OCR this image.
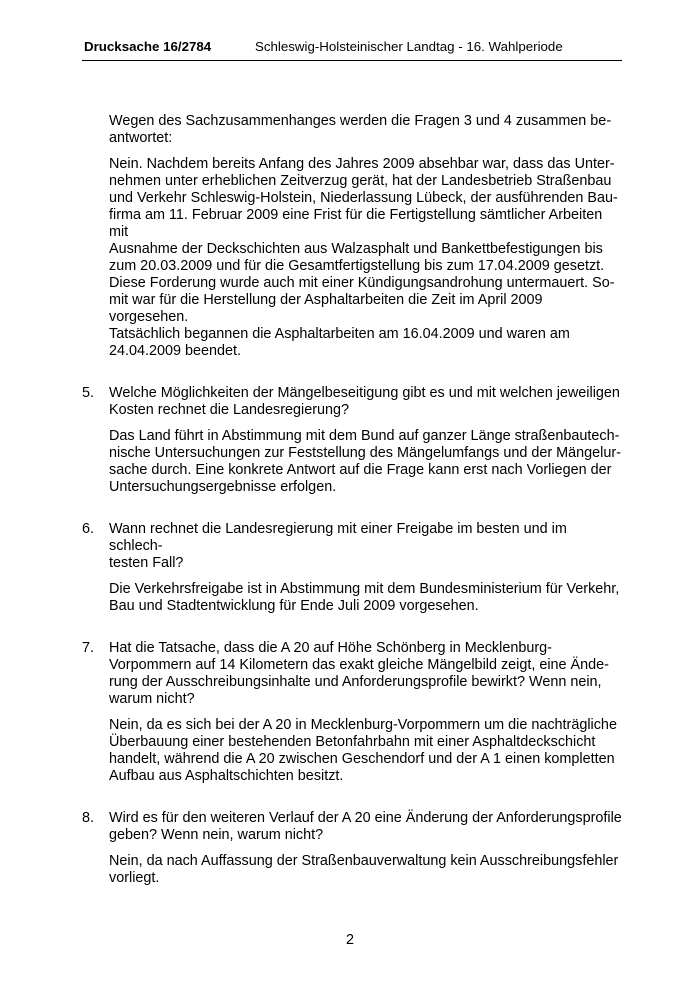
Drucksache 16/2784	Schleswig-Holsteinischer Landtag - 16. Wahlperiode

Wegen des Sachzusammenhanges werden die Fragen 3 und 4 zusammen be-
antwortet:

Nein. Nachdem bereits Anfang des Jahres 2009 absehbar war, dass das Unter-
nehmen unter erheblichen Zeitverzug gerät, hat der Landesbetrieb Straßenbau
und Verkehr Schleswig-Holstein, Niederlassung Lübeck, der ausführenden Bau-
firma am 11. Februar 2009 eine Frist für die Fertigstellung sämtlicher Arbeiten mit
Ausnahme der Deckschichten aus Walzasphalt und Bankettbefestigungen bis
zum 20.03.2009 und für die Gesamtfertigstellung bis zum 17.04.2009 gesetzt.
Diese Forderung wurde auch mit einer Kündigungsandrohung untermauert. So-
mit war für die Herstellung der Asphaltarbeiten die Zeit im April 2009 vorgesehen.
Tatsächlich begannen die Asphaltarbeiten am 16.04.2009 und waren am
24.04.2009 beendet.

5. Welche Möglichkeiten der Mängelbeseitigung gibt es und mit welchen jeweiligen
Kosten rechnet die Landesregierung?

Das Land führt in Abstimmung mit dem Bund auf ganzer Länge straßenbautech-
nische Untersuchungen zur Feststellung des Mängelumfangs und der Mängelur-
sache durch. Eine konkrete Antwort auf die Frage kann erst nach Vorliegen der
Untersuchungsergebnisse erfolgen.

6. Wann rechnet die Landesregierung mit einer Freigabe im besten und im schlech-
testen Fall?

Die Verkehrsfreigabe ist in Abstimmung mit dem Bundesministerium für Verkehr,
Bau und Stadtentwicklung für Ende Juli 2009 vorgesehen.

7. Hat die Tatsache, dass die A 20 auf Höhe Schönberg in Mecklenburg-
Vorpommern auf 14 Kilometern das exakt gleiche Mängelbild zeigt, eine Ände-
rung der Ausschreibungsinhalte und Anforderungsprofile bewirkt? Wenn nein,
warum nicht?

Nein, da es sich bei der A 20 in Mecklenburg-Vorpommern um die nachträgliche
Überbauung einer bestehenden Betonfahrbahn mit einer Asphaltdeckschicht
handelt, während die A 20 zwischen Geschendorf und der A 1 einen kompletten
Aufbau aus Asphaltschichten besitzt.

8. Wird es für den weiteren Verlauf der A 20 eine Änderung der Anforderungsprofile
geben? Wenn nein, warum nicht?

Nein, da nach Auffassung der Straßenbauverwaltung kein Ausschreibungsfehler
vorliegt.

2
